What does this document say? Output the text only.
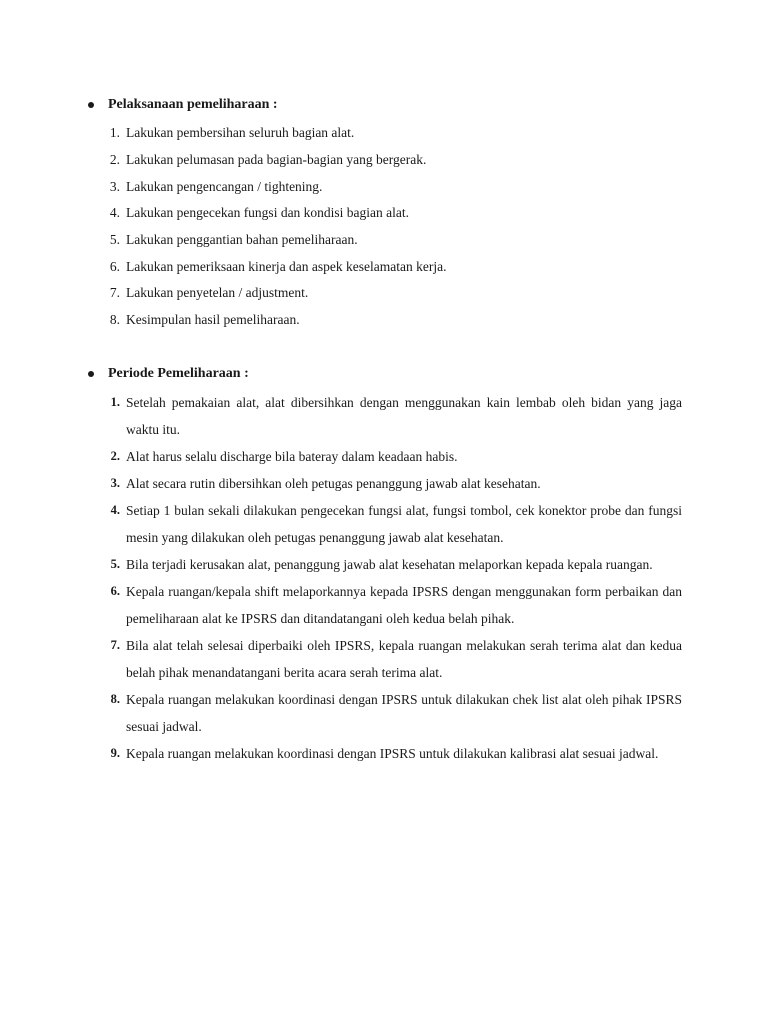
Pelaksanaan pemeliharaan :
1. Lakukan pembersihan seluruh bagian alat.
2. Lakukan pelumasan pada bagian-bagian yang bergerak.
3. Lakukan pengencangan / tightening.
4. Lakukan pengecekan fungsi dan kondisi bagian alat.
5. Lakukan penggantian bahan pemeliharaan.
6. Lakukan pemeriksaan kinerja dan aspek keselamatan kerja.
7. Lakukan penyetelan / adjustment.
8. Kesimpulan hasil pemeliharaan.
Periode Pemeliharaan :
1. Setelah pemakaian alat, alat dibersihkan dengan menggunakan kain lembab oleh bidan yang jaga waktu itu.
2. Alat harus selalu discharge bila bateray dalam keadaan habis.
3. Alat secara rutin dibersihkan oleh petugas penanggung jawab alat kesehatan.
4. Setiap 1 bulan sekali dilakukan pengecekan fungsi alat, fungsi tombol, cek konektor probe dan fungsi mesin yang dilakukan oleh petugas penanggung jawab alat kesehatan.
5. Bila terjadi kerusakan alat, penanggung jawab alat kesehatan melaporkan kepada kepala ruangan.
6. Kepala ruangan/kepala shift melaporkannya kepada IPSRS dengan menggunakan form perbaikan dan pemeliharaan alat ke IPSRS dan ditandatangani oleh kedua belah pihak.
7. Bila alat telah selesai diperbaiki oleh IPSRS, kepala ruangan melakukan serah terima alat dan kedua belah pihak menandatangani berita acara serah terima alat.
8. Kepala ruangan melakukan koordinasi dengan IPSRS untuk dilakukan chek list alat oleh pihak IPSRS sesuai jadwal.
9. Kepala ruangan melakukan koordinasi dengan IPSRS untuk dilakukan kalibrasi alat sesuai jadwal.
